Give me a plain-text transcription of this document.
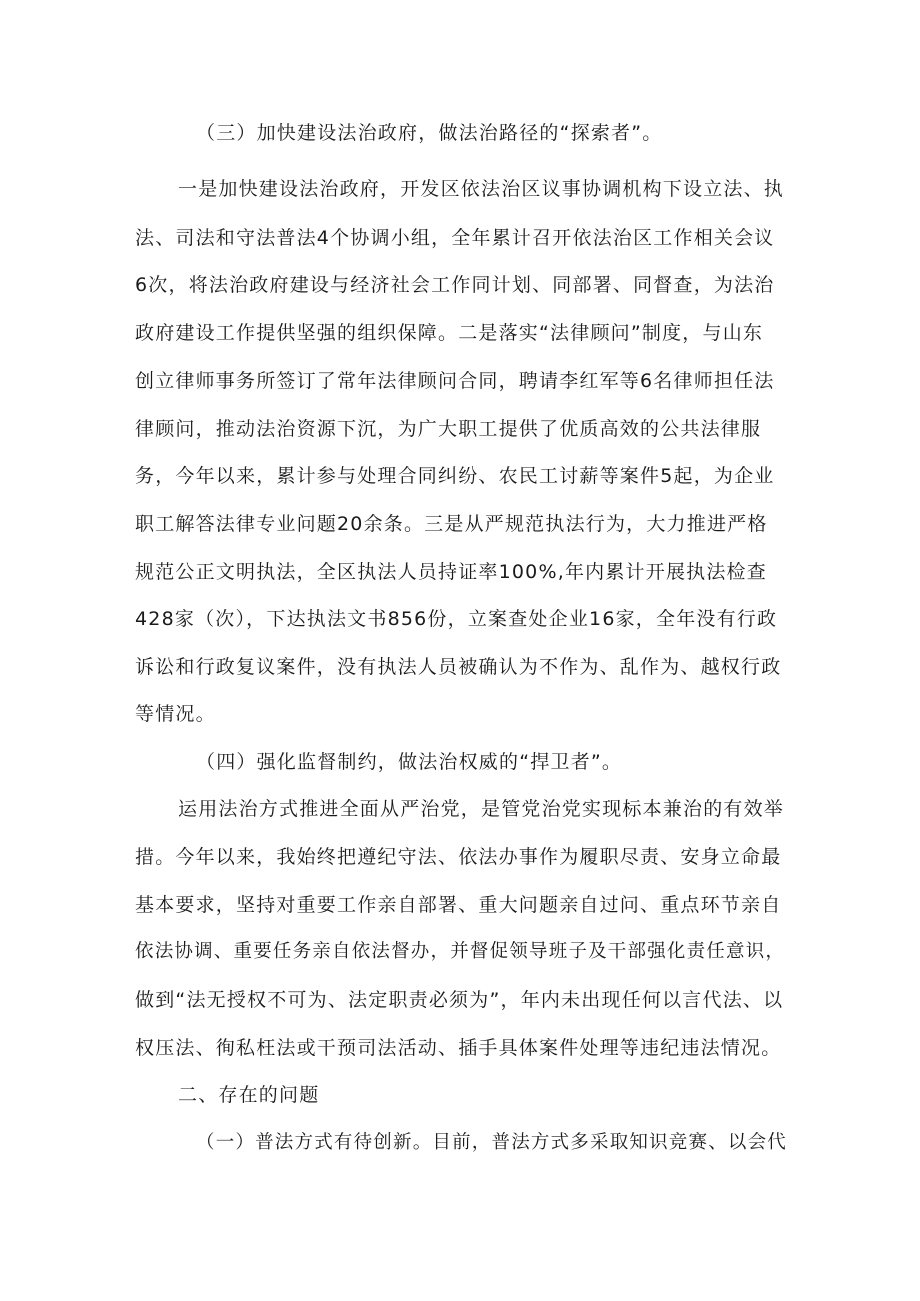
（三）加快建设法治政府，做法治路径的“探索者”。
一是加快建设法治政府，开发区依法治区议事协调机构下设立法、执
法、司法和守法普法4个协调小组，全年累计召开依法治区工作相关会议
6次，将法治政府建设与经济社会工作同计划、同部署、同督查，为法治
政府建设工作提供坚强的组织保障。二是落实“法律顾问”制度，与山东
创立律师事务所签订了常年法律顾问合同，聘请李红军等6名律师担任法
律顾问，推动法治资源下沉，为广大职工提供了优质高效的公共法律服
务，今年以来，累计参与处理合同纠纷、农民工讨薪等案件5起，为企业
职工解答法律专业问题20余条。三是从严规范执法行为，大力推进严格
规范公正文明执法，全区执法人员持证率100%,年内累计开展执法检查
428家（次），下达执法文书856份，立案查处企业16家，全年没有行政
诉讼和行政复议案件，没有执法人员被确认为不作为、乱作为、越权行政
等情况。
（四）强化监督制约，做法治权威的“捍卫者”。
运用法治方式推进全面从严治党，是管党治党实现标本兼治的有效举
措。今年以来，我始终把遵纪守法、依法办事作为履职尽责、安身立命最
基本要求，坚持对重要工作亲自部署、重大问题亲自过问、重点环节亲自
依法协调、重要任务亲自依法督办，并督促领导班子及干部强化责任意识，
做到“法无授权不可为、法定职责必须为”，年内未出现任何以言代法、以
权压法、徇私枉法或干预司法活动、插手具体案件处理等违纪违法情况。
二、存在的问题
（一）普法方式有待创新。目前，普法方式多采取知识竞赛、以会代
